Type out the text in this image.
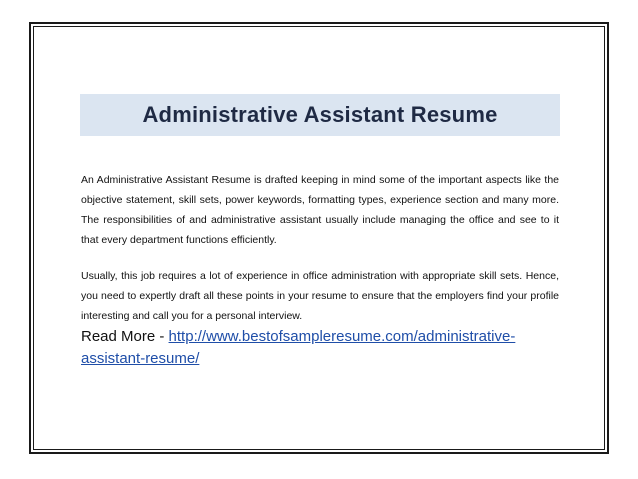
Administrative Assistant Resume

An Administrative Assistant Resume is drafted keeping in mind some of the important aspects like the objective statement, skill sets, power keywords, formatting types, experience section and many more. The responsibilities of and administrative assistant usually include managing the office and see to it that every department functions efficiently.

Usually, this job requires a lot of experience in office administration with appropriate skill sets. Hence, you need to expertly draft all these points in your resume to ensure that the employers find your profile interesting and call you for a personal interview.

Read More - http://www.bestofsampleresume.com/administrative-assistant-resume/
